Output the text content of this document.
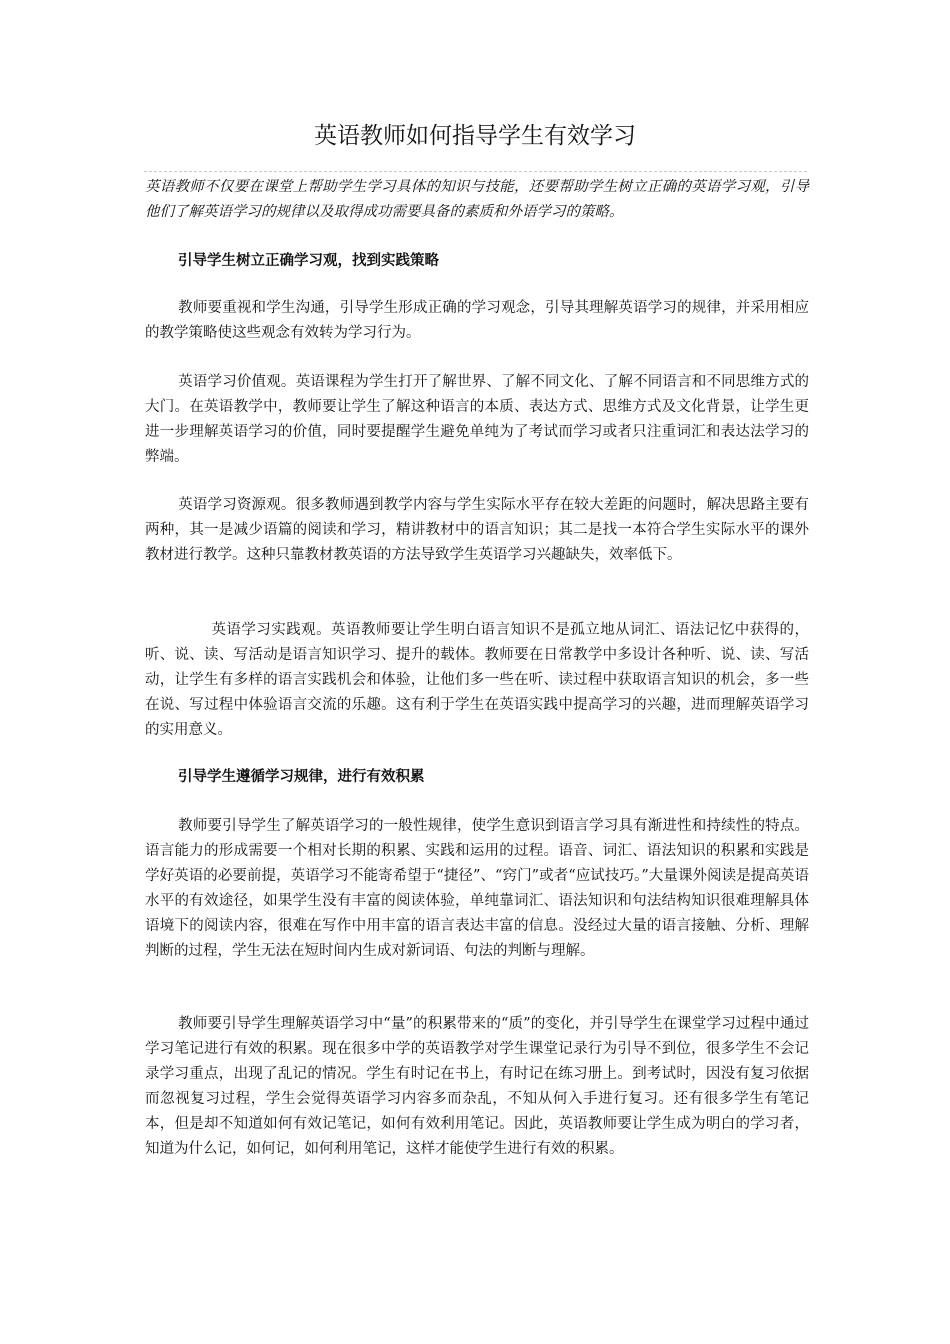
英语教师如何指导学生有效学习

英语教师不仅要在课堂上帮助学生学习具体的知识与技能，还要帮助学生树立正确的英语学习观，引导他们了解英语学习的规律以及取得成功需要具备的素质和外语学习的策略。

引导学生树立正确学习观，找到实践策略

教师要重视和学生沟通，引导学生形成正确的学习观念，引导其理解英语学习的规律，并采用相应的教学策略使这些观念有效转为学习行为。

英语学习价值观。英语课程为学生打开了解世界、了解不同文化、了解不同语言和不同思维方式的大门。在英语教学中，教师要让学生了解这种语言的本质、表达方式、思维方式及文化背景，让学生更进一步理解英语学习的价值，同时要提醒学生避免单纯为了考试而学习或者只注重词汇和表达法学习的弊端。

英语学习资源观。很多教师遇到教学内容与学生实际水平存在较大差距的问题时，解决思路主要有两种，其一是减少语篇的阅读和学习，精讲教材中的语言知识；其二是找一本符合学生实际水平的课外教材进行教学。这种只靠教材教英语的方法导致学生英语学习兴趣缺失，效率低下。

英语学习实践观。英语教师要让学生明白语言知识不是孤立地从词汇、语法记忆中获得的，听、说、读、写活动是语言知识学习、提升的载体。教师要在日常教学中多设计各种听、说、读、写活动，让学生有多样的语言实践机会和体验，让他们多一些在听、读过程中获取语言知识的机会，多一些在说、写过程中体验语言交流的乐趣。这有利于学生在英语实践中提高学习的兴趣，进而理解英语学习的实用意义。

引导学生遵循学习规律，进行有效积累

教师要引导学生了解英语学习的一般性规律，使学生意识到语言学习具有渐进性和持续性的特点。语言能力的形成需要一个相对长期的积累、实践和运用的过程。语音、词汇、语法知识的积累和实践是学好英语的必要前提，英语学习不能寄希望于“捷径”、“窍门”或者“应试技巧。”大量课外阅读是提高英语水平的有效途径，如果学生没有丰富的阅读体验，单纯靠词汇、语法知识和句法结构知识很难理解具体语境下的阅读内容，很难在写作中用丰富的语言表达丰富的信息。没经过大量的语言接触、分析、理解判断的过程，学生无法在短时间内生成对新词语、句法的判断与理解。

教师要引导学生理解英语学习中“量”的积累带来的“质”的变化，并引导学生在课堂学习过程中通过学习笔记进行有效的积累。现在很多中学的英语教学对学生课堂记录行为引导不到位，很多学生不会记录学习重点，出现了乱记的情况。学生有时记在书上，有时记在练习册上。到考试时，因没有复习依据而忽视复习过程，学生会觉得英语学习内容多而杂乱，不知从何入手进行复习。还有很多学生有笔记本，但是却不知道如何有效记笔记，如何有效利用笔记。因此，英语教师要让学生成为明白的学习者，知道为什么记，如何记，如何利用笔记，这样才能使学生进行有效的积累。
